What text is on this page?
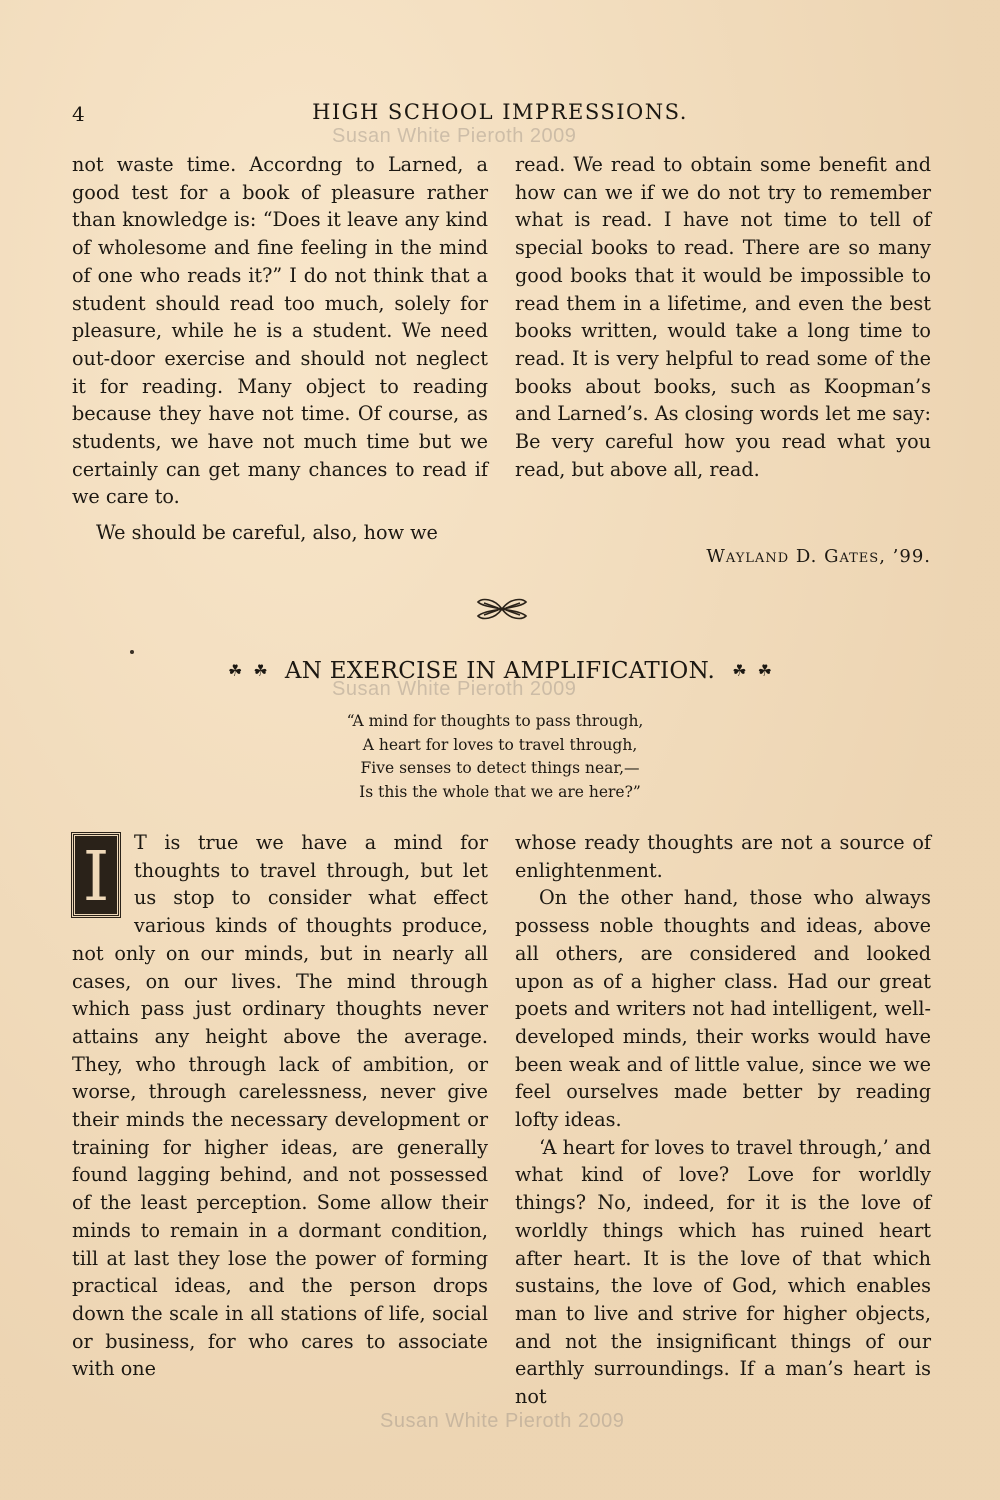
4	HIGH SCHOOL IMPRESSIONS.
Susan White Pieroth 2009

not waste time. Accordng to Larned, a good test for a book of pleasure rather than knowledge is: “Does it leave any kind of wholesome and fine feeling in the mind of one who reads it?” I do not think that a student should read too much, solely for pleasure, while he is a student. We need out-door exercise and should not neglect it for reading. Many object to reading because they have not time. Of course, as students, we have not much time but we certainly can get many chances to read if we care to.

We should be careful, also, how we

read. We read to obtain some benefit and how can we if we do not try to remember what is read. I have not time to tell of special books to read. There are so many good books that it would be impossible to read them in a lifetime, and even the best books written, would take a long time to read. It is very helpful to read some of the books about books, such as Koopman’s and Larned’s. As closing words let me say: Be very careful how you read what you read, but above all, read.

Wayland D. Gates, ’99.
☘ ☘ AN EXERCISE IN AMPLIFICATION. ☘ ☘
Susan White Pieroth 2009
“A mind for thoughts to pass through,
A heart for loves to travel through,
Five senses to detect things near,—
Is this the whole that we are here?”
I	T is true we have a mind for thoughts to travel through, but let us stop to consider what effect various kinds of thoughts produce, not only on our minds, but in nearly all cases, on our lives. The mind through which pass just ordinary thoughts never attains any height above the average. They, who through lack of ambition, or worse, through carelessness, never give their minds the necessary development or training for higher ideas, are generally found lagging behind, and not possessed of the least perception. Some allow their minds to remain in a dormant condition, till at last they lose the power of forming practical ideas, and the person drops down the scale in all stations of life, social or business, for who cares to associate with one

whose ready thoughts are not a source of enlightenment.

On the other hand, those who always possess noble thoughts and ideas, above all others, are considered and looked upon as of a higher class. Had our great poets and writers not had intelligent, well-developed minds, their works would have been weak and of little value, since we we feel ourselves made better by reading lofty ideas.

‘A heart for loves to travel through,’ and what kind of love? Love for worldly things? No, indeed, for it is the love of worldly things which has ruined heart after heart. It is the love of that which sustains, the love of God, which enables man to live and strive for higher objects, and not the insignificant things of our earthly surroundings. If a man’s heart is not

Susan White Pieroth 2009
